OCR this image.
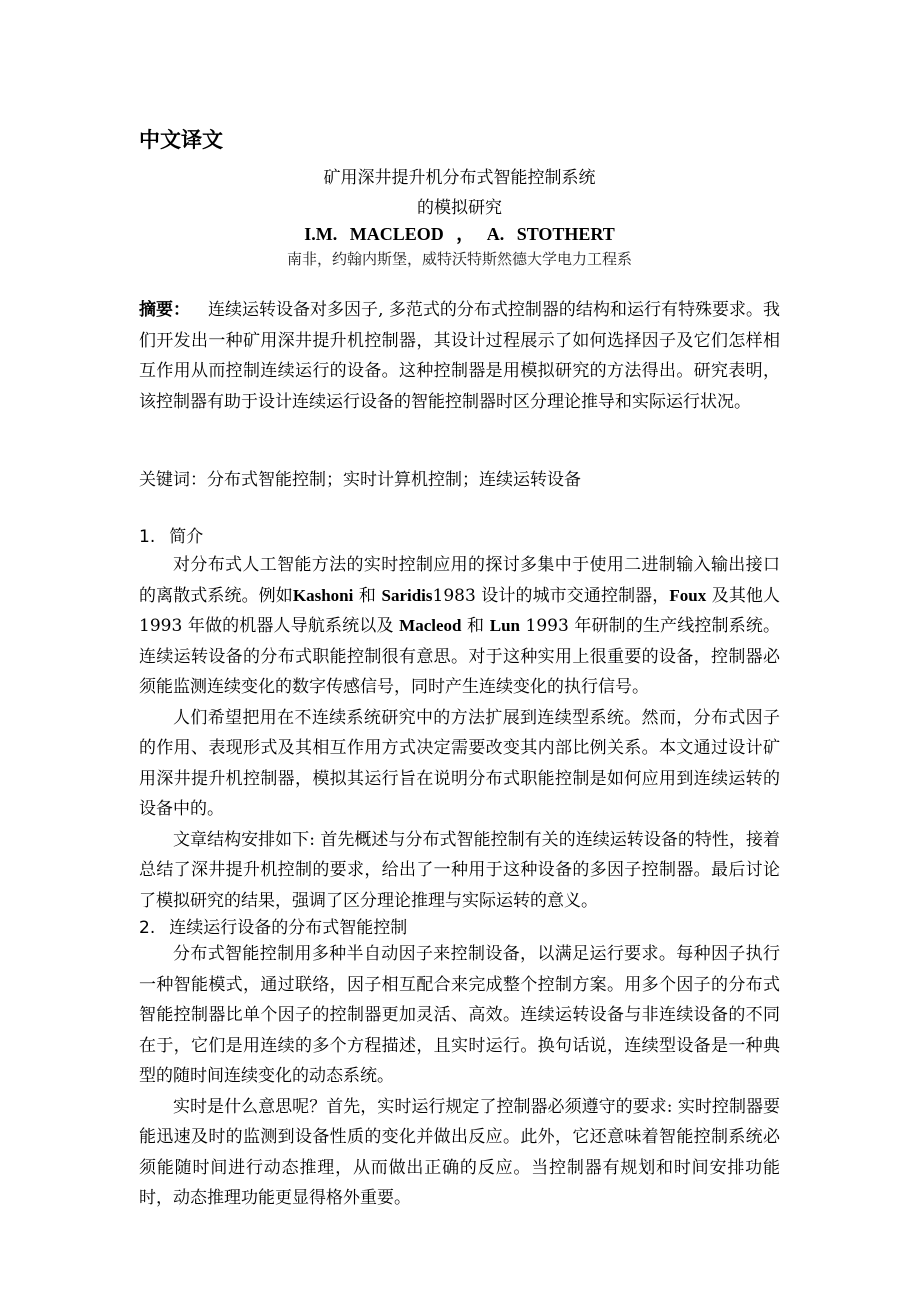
中文译文
矿用深井提升机分布式智能控制系统
的模拟研究
I.M. MACLEOD ， A. STOTHERT
南非，约翰内斯堡，威特沃特斯然德大学电力工程系
摘要： 连续运转设备对多因子, 多范式的分布式控制器的结构和运行有特殊要求。我们开发出一种矿用深井提升机控制器，其设计过程展示了如何选择因子及它们怎样相互作用从而控制连续运行的设备。这种控制器是用模拟研究的方法得出。研究表明，该控制器有助于设计连续运行设备的智能控制器时区分理论推导和实际运行状况。
关键词：分布式智能控制；实时计算机控制；连续运转设备
1. 简介

对分布式人工智能方法的实时控制应用的探讨多集中于使用二进制输入输出接口的离散式系统。例如Kashoni 和 Saridis1983 设计的城市交通控制器，Foux 及其他人 1993 年做的机器人导航系统以及 Macleod 和 Lun 1993 年研制的生产线控制系统。连续运转设备的分布式职能控制很有意思。对于这种实用上很重要的设备，控制器必须能监测连续变化的数字传感信号，同时产生连续变化的执行信号。

人们希望把用在不连续系统研究中的方法扩展到连续型系统。然而，分布式因子的作用、表现形式及其相互作用方式决定需要改变其内部比例关系。本文通过设计矿用深井提升机控制器，模拟其运行旨在说明分布式职能控制是如何应用到连续运转的设备中的。

文章结构安排如下: 首先概述与分布式智能控制有关的连续运转设备的特性，接着总结了深井提升机控制的要求，给出了一种用于这种设备的多因子控制器。最后讨论了模拟研究的结果，强调了区分理论推理与实际运转的意义。

2. 连续运行设备的分布式智能控制

分布式智能控制用多种半自动因子来控制设备，以满足运行要求。每种因子执行一种智能模式，通过联络，因子相互配合来完成整个控制方案。用多个因子的分布式智能控制器比单个因子的控制器更加灵活、高效。连续运转设备与非连续设备的不同在于，它们是用连续的多个方程描述，且实时运行。换句话说，连续型设备是一种典型的随时间连续变化的动态系统。

实时是什么意思呢？首先，实时运行规定了控制器必须遵守的要求: 实时控制器要能迅速及时的监测到设备性质的变化并做出反应。此外，它还意味着智能控制系统必须能随时间进行动态推理，从而做出正确的反应。当控制器有规划和时间安排功能时，动态推理功能更显得格外重要。
